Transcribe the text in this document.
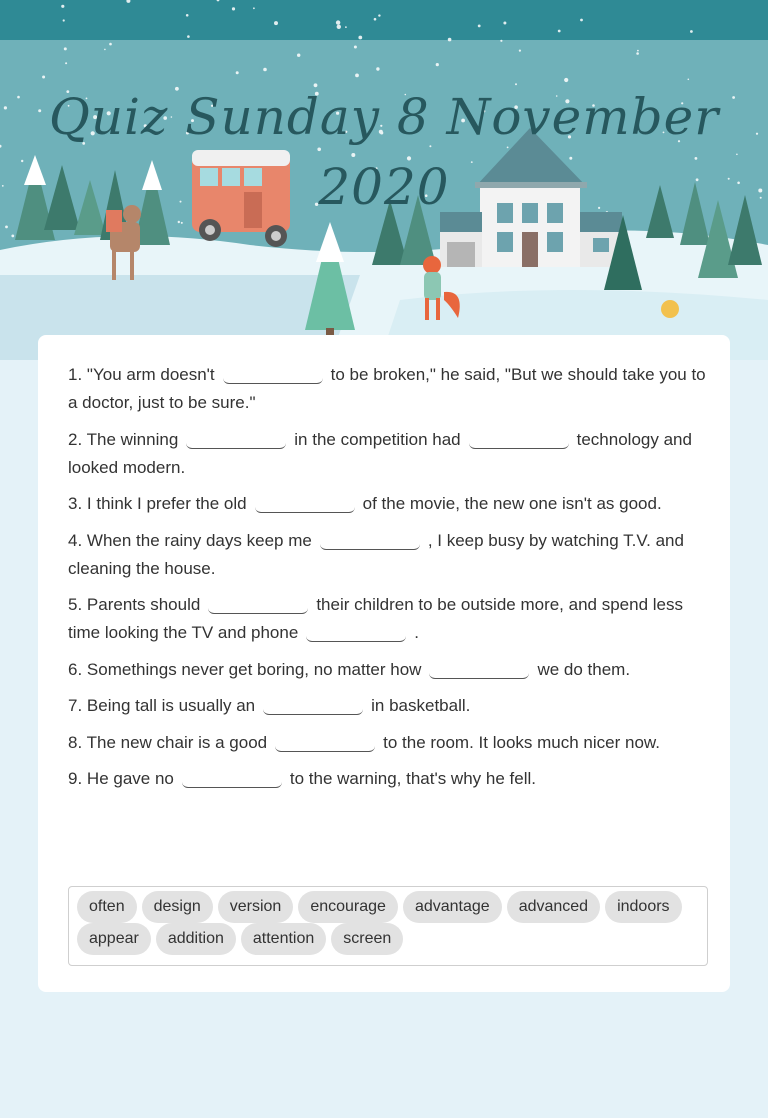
Quiz Sunday 8 November
2020

1. "You arm doesn't	to be broken," he said, "But we should take you to a doctor, just to be sure."

2. The winning	in the competition had	technology and looked modern.

3. I think I prefer the old	of the movie, the new one isn't as good.

4. When the rainy days keep me	, I keep busy by watching T.V. and cleaning the house.

5. Parents should	their children to be outside more, and spend less time looking the TV and phone	.

6. Somethings never get boring, no matter how	we do them.

7. Being tall is usually an	in basketball.

8. The new chair is a good	to the room. It looks much nicer now.

9. He gave no	to the warning, that's why he fell.

often design version encourage advantage advanced indoorsappear addition attention screen
